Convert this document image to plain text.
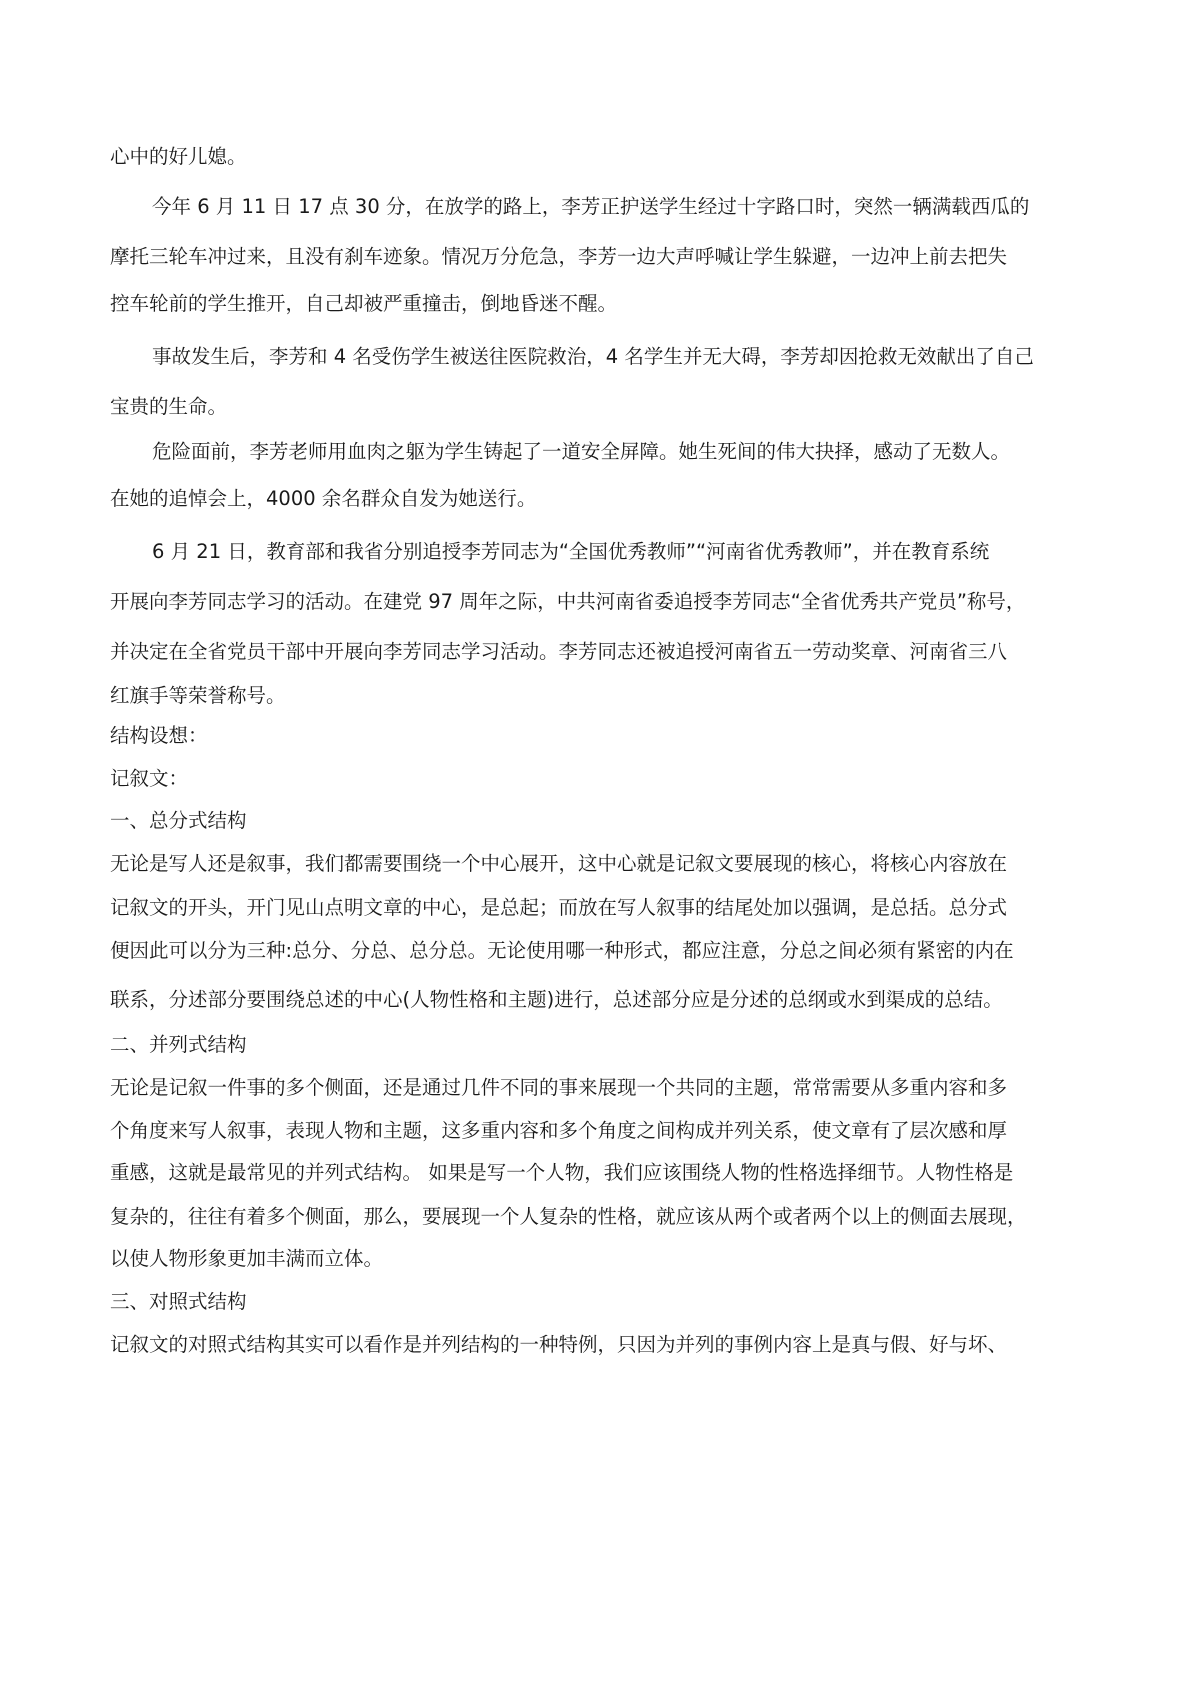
心中的好儿媳。
今年 6 月 11 日 17 点 30 分，在放学的路上，李芳正护送学生经过十字路口时，突然一辆满载西瓜的
摩托三轮车冲过来，且没有刹车迹象。情况万分危急，李芳一边大声呼喊让学生躲避，一边冲上前去把失
控车轮前的学生推开，自己却被严重撞击，倒地昏迷不醒。
事故发生后，李芳和 4 名受伤学生被送往医院救治，4 名学生并无大碍，李芳却因抢救无效献出了自己
宝贵的生命。
危险面前，李芳老师用血肉之躯为学生铸起了一道安全屏障。她生死间的伟大抉择，感动了无数人。
在她的追悼会上，4000 余名群众自发为她送行。
6 月 21 日，教育部和我省分别追授李芳同志为“全国优秀教师”“河南省优秀教师”，并在教育系统
开展向李芳同志学习的活动。在建党 97 周年之际，中共河南省委追授李芳同志“全省优秀共产党员”称号，
并决定在全省党员干部中开展向李芳同志学习活动。李芳同志还被追授河南省五一劳动奖章、河南省三八
红旗手等荣誉称号。
结构设想：
记叙文：
一、总分式结构
无论是写人还是叙事，我们都需要围绕一个中心展开，这中心就是记叙文要展现的核心，将核心内容放在
记叙文的开头，开门见山点明文章的中心，是总起；而放在写人叙事的结尾处加以强调，是总括。总分式
便因此可以分为三种:总分、分总、总分总。无论使用哪一种形式，都应注意，分总之间必须有紧密的内在
联系，分述部分要围绕总述的中心(人物性格和主题)进行，总述部分应是分述的总纲或水到渠成的总结。
二、并列式结构
无论是记叙一件事的多个侧面，还是通过几件不同的事来展现一个共同的主题，常常需要从多重内容和多
个角度来写人叙事，表现人物和主题，这多重内容和多个角度之间构成并列关系，使文章有了层次感和厚
重感，这就是最常见的并列式结构。 如果是写一个人物，我们应该围绕人物的性格选择细节。人物性格是
复杂的，往往有着多个侧面，那么，要展现一个人复杂的性格，就应该从两个或者两个以上的侧面去展现，
以使人物形象更加丰满而立体。
三、对照式结构
记叙文的对照式结构其实可以看作是并列结构的一种特例，只因为并列的事例内容上是真与假、好与坏、
